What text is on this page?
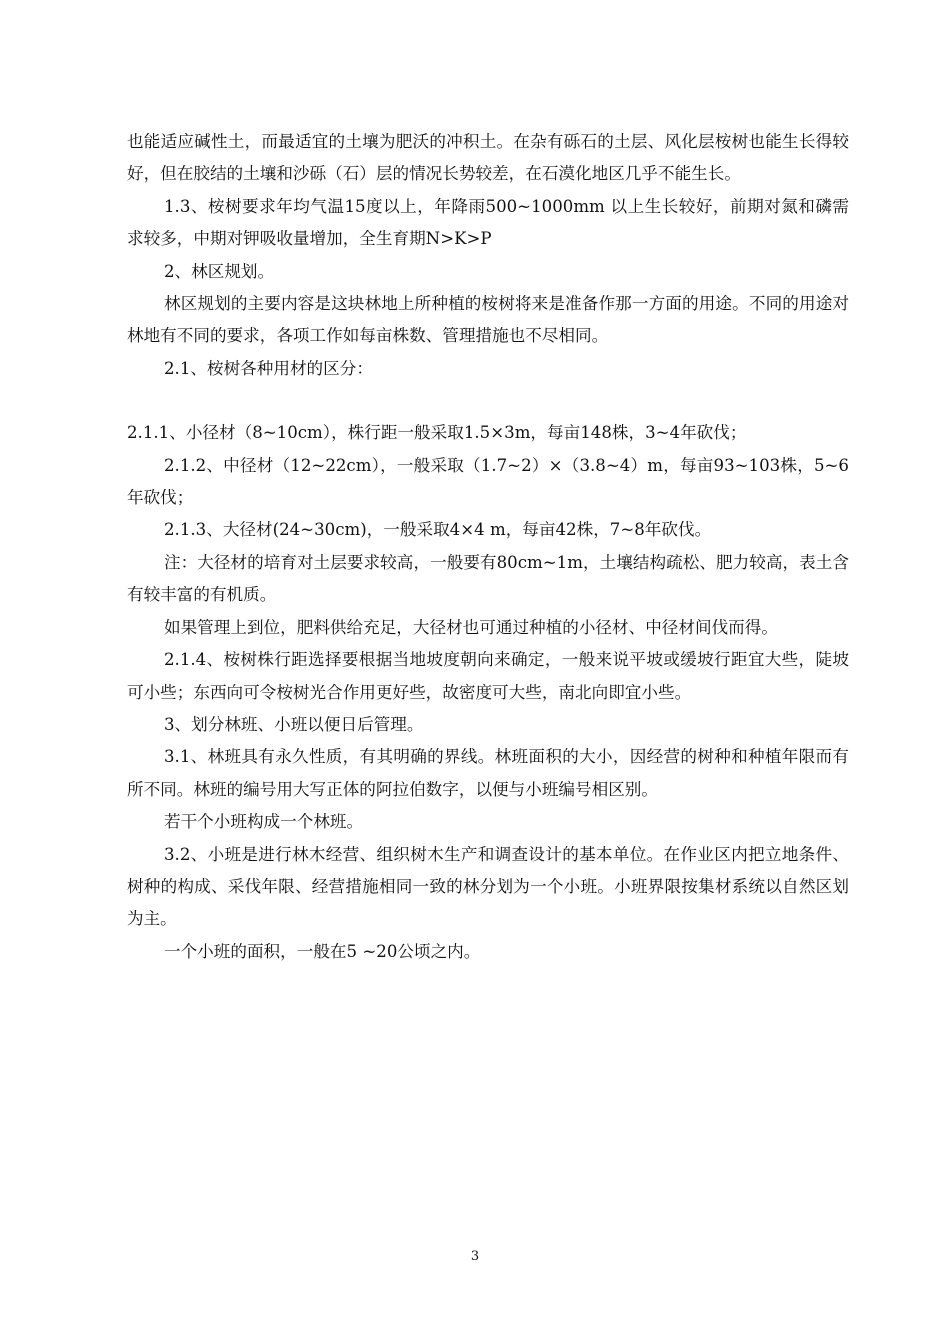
也能适应碱性土，而最适宜的土壤为肥沃的冲积土。在杂有砾石的土层、风化层桉树也能生长得较好，但在胶结的土壤和沙砾（石）层的情况长势较差，在石漠化地区几乎不能生长。

1.3、桉树要求年均气温15度以上，年降雨500~1000mm 以上生长较好，前期对氮和磷需求较多，中期对钾吸收量增加，全生育期N>K>P

2、林区规划。

林区规划的主要内容是这块林地上所种植的桉树将来是准备作那一方面的用途。不同的用途对林地有不同的要求，各项工作如每亩株数、管理措施也不尽相同。

2.1、桉树各种用材的区分：

2.1.1、小径材（8~10cm），株行距一般采取1.5×3m，每亩148株，3~4年砍伐；

2.1.2、中径材（12~22cm），一般采取（1.7~2）×（3.8~4）m，每亩93~103株，5~6年砍伐；

2.1.3、大径材(24~30cm)，一般采取4×4 m，每亩42株，7~8年砍伐。

注：大径材的培育对土层要求较高，一般要有80cm~1m，土壤结构疏松、肥力较高，表土含有较丰富的有机质。

如果管理上到位，肥料供给充足，大径材也可通过种植的小径材、中径材间伐而得。

2.1.4、桉树株行距选择要根据当地坡度朝向来确定，一般来说平坡或缓坡行距宜大些，陡坡可小些；东西向可令桉树光合作用更好些，故密度可大些，南北向即宜小些。

3、划分林班、小班以便日后管理。

3.1、林班具有永久性质，有其明确的界线。林班面积的大小，因经营的树种和种植年限而有所不同。林班的编号用大写正体的阿拉伯数字，以便与小班编号相区别。

若干个小班构成一个林班。

3.2、小班是进行林木经营、组织树木生产和调查设计的基本单位。在作业区内把立地条件、树种的构成、采伐年限、经营措施相同一致的林分划为一个小班。小班界限按集材系统以自然区划为主。

一个小班的面积，一般在5 ~20公顷之内。

3
